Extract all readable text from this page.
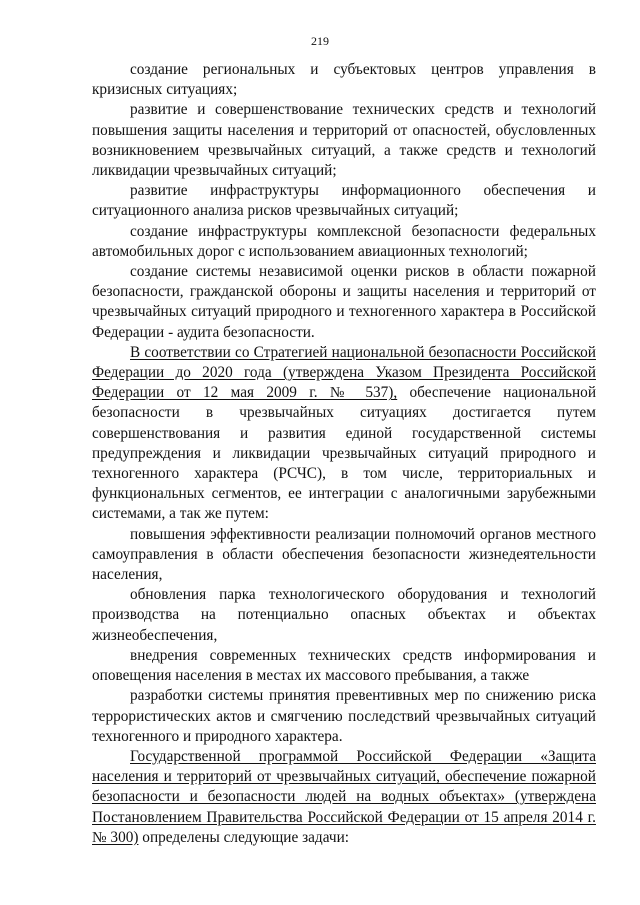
219

создание региональных и субъектовых центров управления в кризисных ситуациях;

развитие и совершенствование технических средств и технологий повышения защиты населения и территорий от опасностей, обусловленных возникновением чрезвычайных ситуаций, а также средств и технологий ликвидации чрезвычайных ситуаций;

развитие инфраструктуры информационного обеспечения и ситуационного анализа рисков чрезвычайных ситуаций;

создание инфраструктуры комплексной безопасности федеральных автомобильных дорог с использованием авиационных технологий;

создание системы независимой оценки рисков в области пожарной безопасности, гражданской обороны и защиты населения и территорий от чрезвычайных ситуаций природного и техногенного характера в Российской Федерации - аудита безопасности.

В соответствии со Стратегией национальной безопасности Российской Федерации до 2020 года (утверждена Указом Президента Российской Федерации от 12 мая 2009 г. № 537), обеспечение национальной безопасности в чрезвычайных ситуациях достигается путем совершенствования и развития единой государственной системы предупреждения и ликвидации чрезвычайных ситуаций природного и техногенного характера (РСЧС), в том числе, территориальных и функциональных сегментов, ее интеграции с аналогичными зарубежными системами, а так же путем:

повышения эффективности реализации полномочий органов местного самоуправления в области обеспечения безопасности жизнедеятельности населения,

обновления парка технологического оборудования и технологий производства на потенциально опасных объектах и объектах жизнеобеспечения,

внедрения современных технических средств информирования и оповещения населения в местах их массового пребывания, а также

разработки системы принятия превентивных мер по снижению риска террористических актов и смягчению последствий чрезвычайных ситуаций техногенного и природного характера.

Государственной программой Российской Федерации «Защита населения и территорий от чрезвычайных ситуаций, обеспечение пожарной безопасности и безопасности людей на водных объектах» (утверждена Постановлением Правительства Российской Федерации от 15 апреля 2014 г. № 300) определены следующие задачи:
